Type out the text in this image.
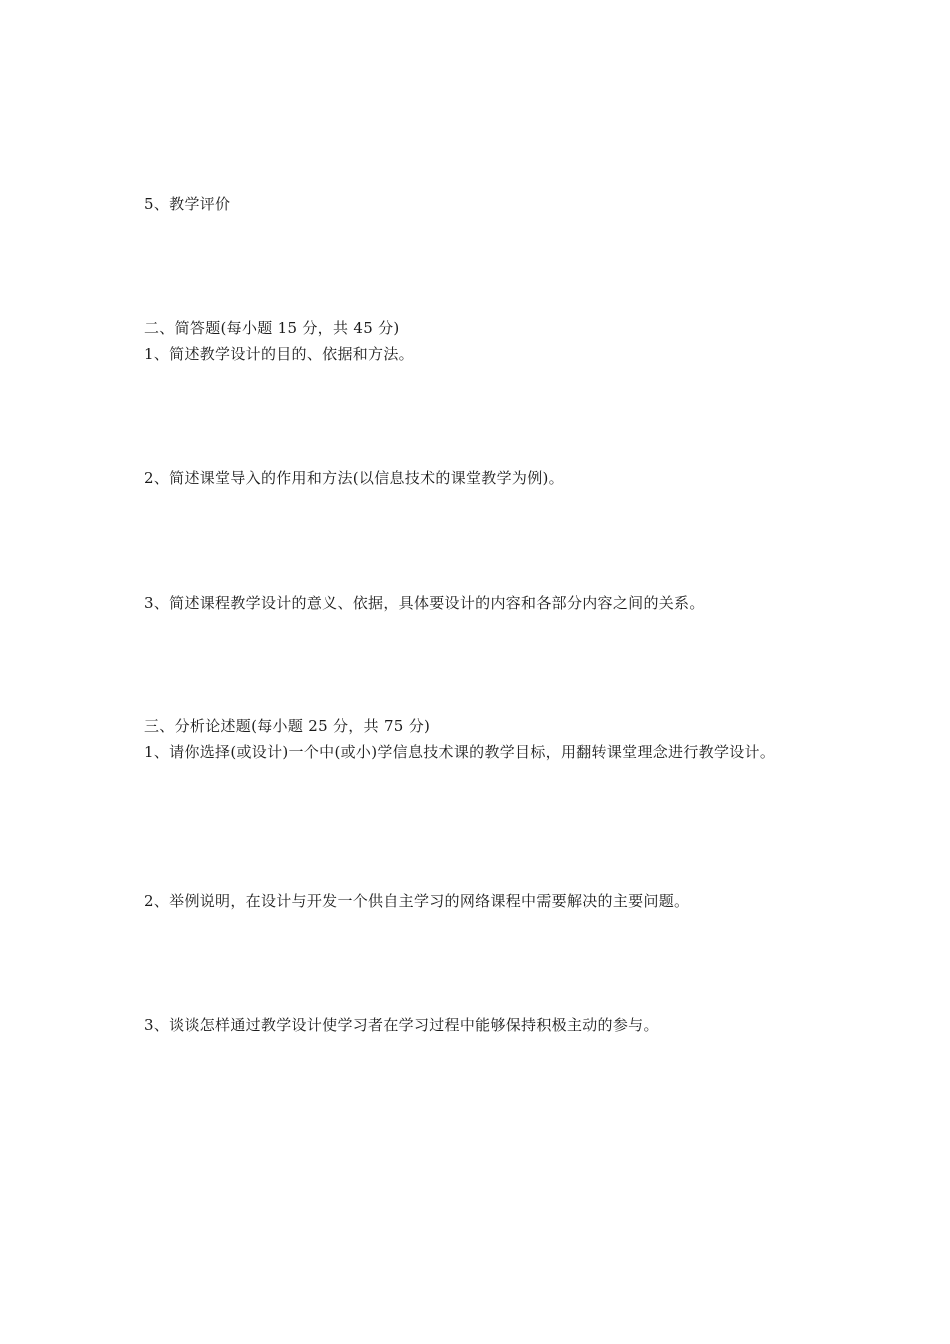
5、教学评价
二、简答题(每小题 15 分，共 45 分)
1、简述教学设计的目的、依据和方法。
2、简述课堂导入的作用和方法(以信息技术的课堂教学为例)。
3、简述课程教学设计的意义、依据，具体要设计的内容和各部分内容之间的关系。
三、分析论述题(每小题 25 分，共 75 分)
1、请你选择(或设计)一个中(或小)学信息技术课的教学目标，用翻转课堂理念进行教学设计。
2、举例说明，在设计与开发一个供自主学习的网络课程中需要解决的主要问题。
3、谈谈怎样通过教学设计使学习者在学习过程中能够保持积极主动的参与。
